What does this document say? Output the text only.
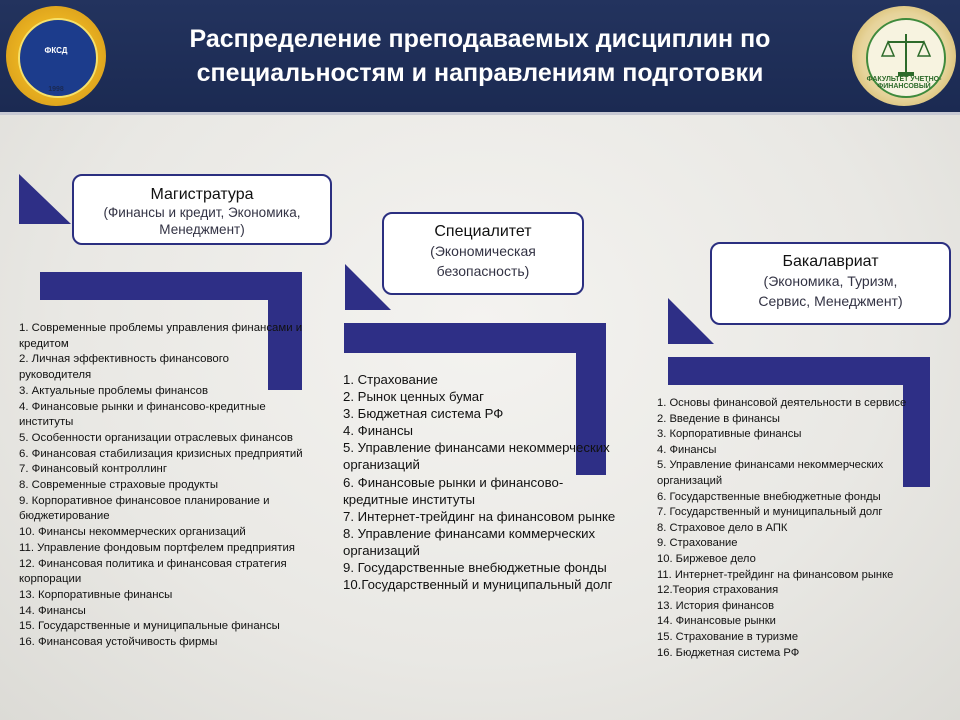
ФКСД
1998
Распределение преподаваемых дисциплин по
специальностям и направлениям подготовки	ФАКУЛЬТЕТ УЧЕТНО-ФИНАНСОВЫЙ
Магистратура
(Финансы и кредит, Экономика,
Менеджмент)
1. Современные проблемы управления финансами и кредитом
2. Личная эффективность финансового руководителя
3. Актуальные проблемы финансов
4. Финансовые рынки и финансово-кредитные институты
5. Особенности организации отраслевых финансов
6. Финансовая стабилизация кризисных предприятий
7. Финансовый контроллинг
8. Современные страховые продукты
9. Корпоративное финансовое планирование и бюджетирование
10. Финансы некоммерческих организаций
11. Управление фондовым портфелем предприятия
12. Финансовая политика и финансовая стратегия корпорации
13. Корпоративные финансы
14. Финансы
15. Государственные и муниципальные финансы
16. Финансовая устойчивость фирмы
Специалитет
(Экономическая
безопасность)
1. Страхование
2. Рынок ценных бумаг
3. Бюджетная система РФ
4. Финансы
5. Управление финансами некоммерческих организаций
6. Финансовые рынки и финансово-кредитные институты
7. Интернет-трейдинг на финансовом рынке
8. Управление финансами коммерческих организаций
9. Государственные внебюджетные фонды
10.Государственный и муниципальный долг
Бакалавриат
(Экономика, Туризм,
Сервис, Менеджмент)
1. Основы финансовой деятельности в сервисе
2. Введение в финансы
3. Корпоративные финансы
4. Финансы
5. Управление финансами некоммерческих организаций
6. Государственные внебюджетные фонды
7. Государственный и муниципальный долг
8. Страховое дело в АПК
9. Страхование
10. Биржевое дело
11. Интернет-трейдинг на финансовом рынке
12.Теория страхования
13. История финансов
14. Финансовые рынки
15. Страхование в туризме
16. Бюджетная система РФ
